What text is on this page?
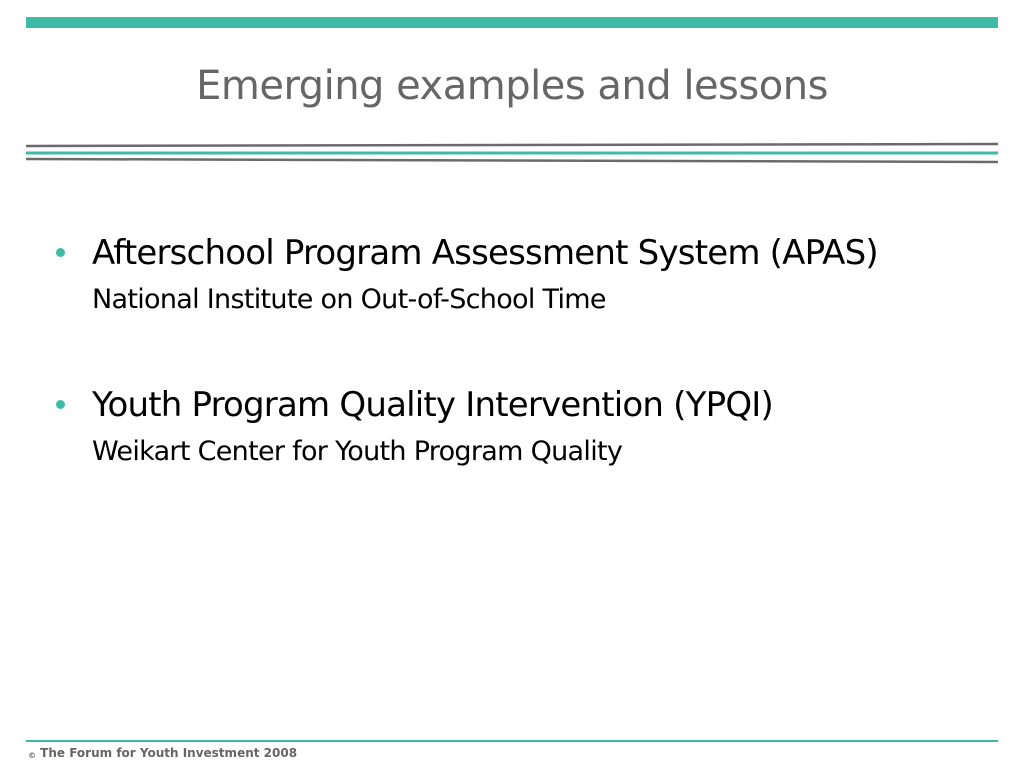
Emerging examples and lessons
Afterschool Program Assessment System (APAS)
National Institute on Out-of-School Time
Youth Program Quality Intervention (YPQI)
Weikart Center for Youth Program Quality
© The Forum for Youth Investment 2008
